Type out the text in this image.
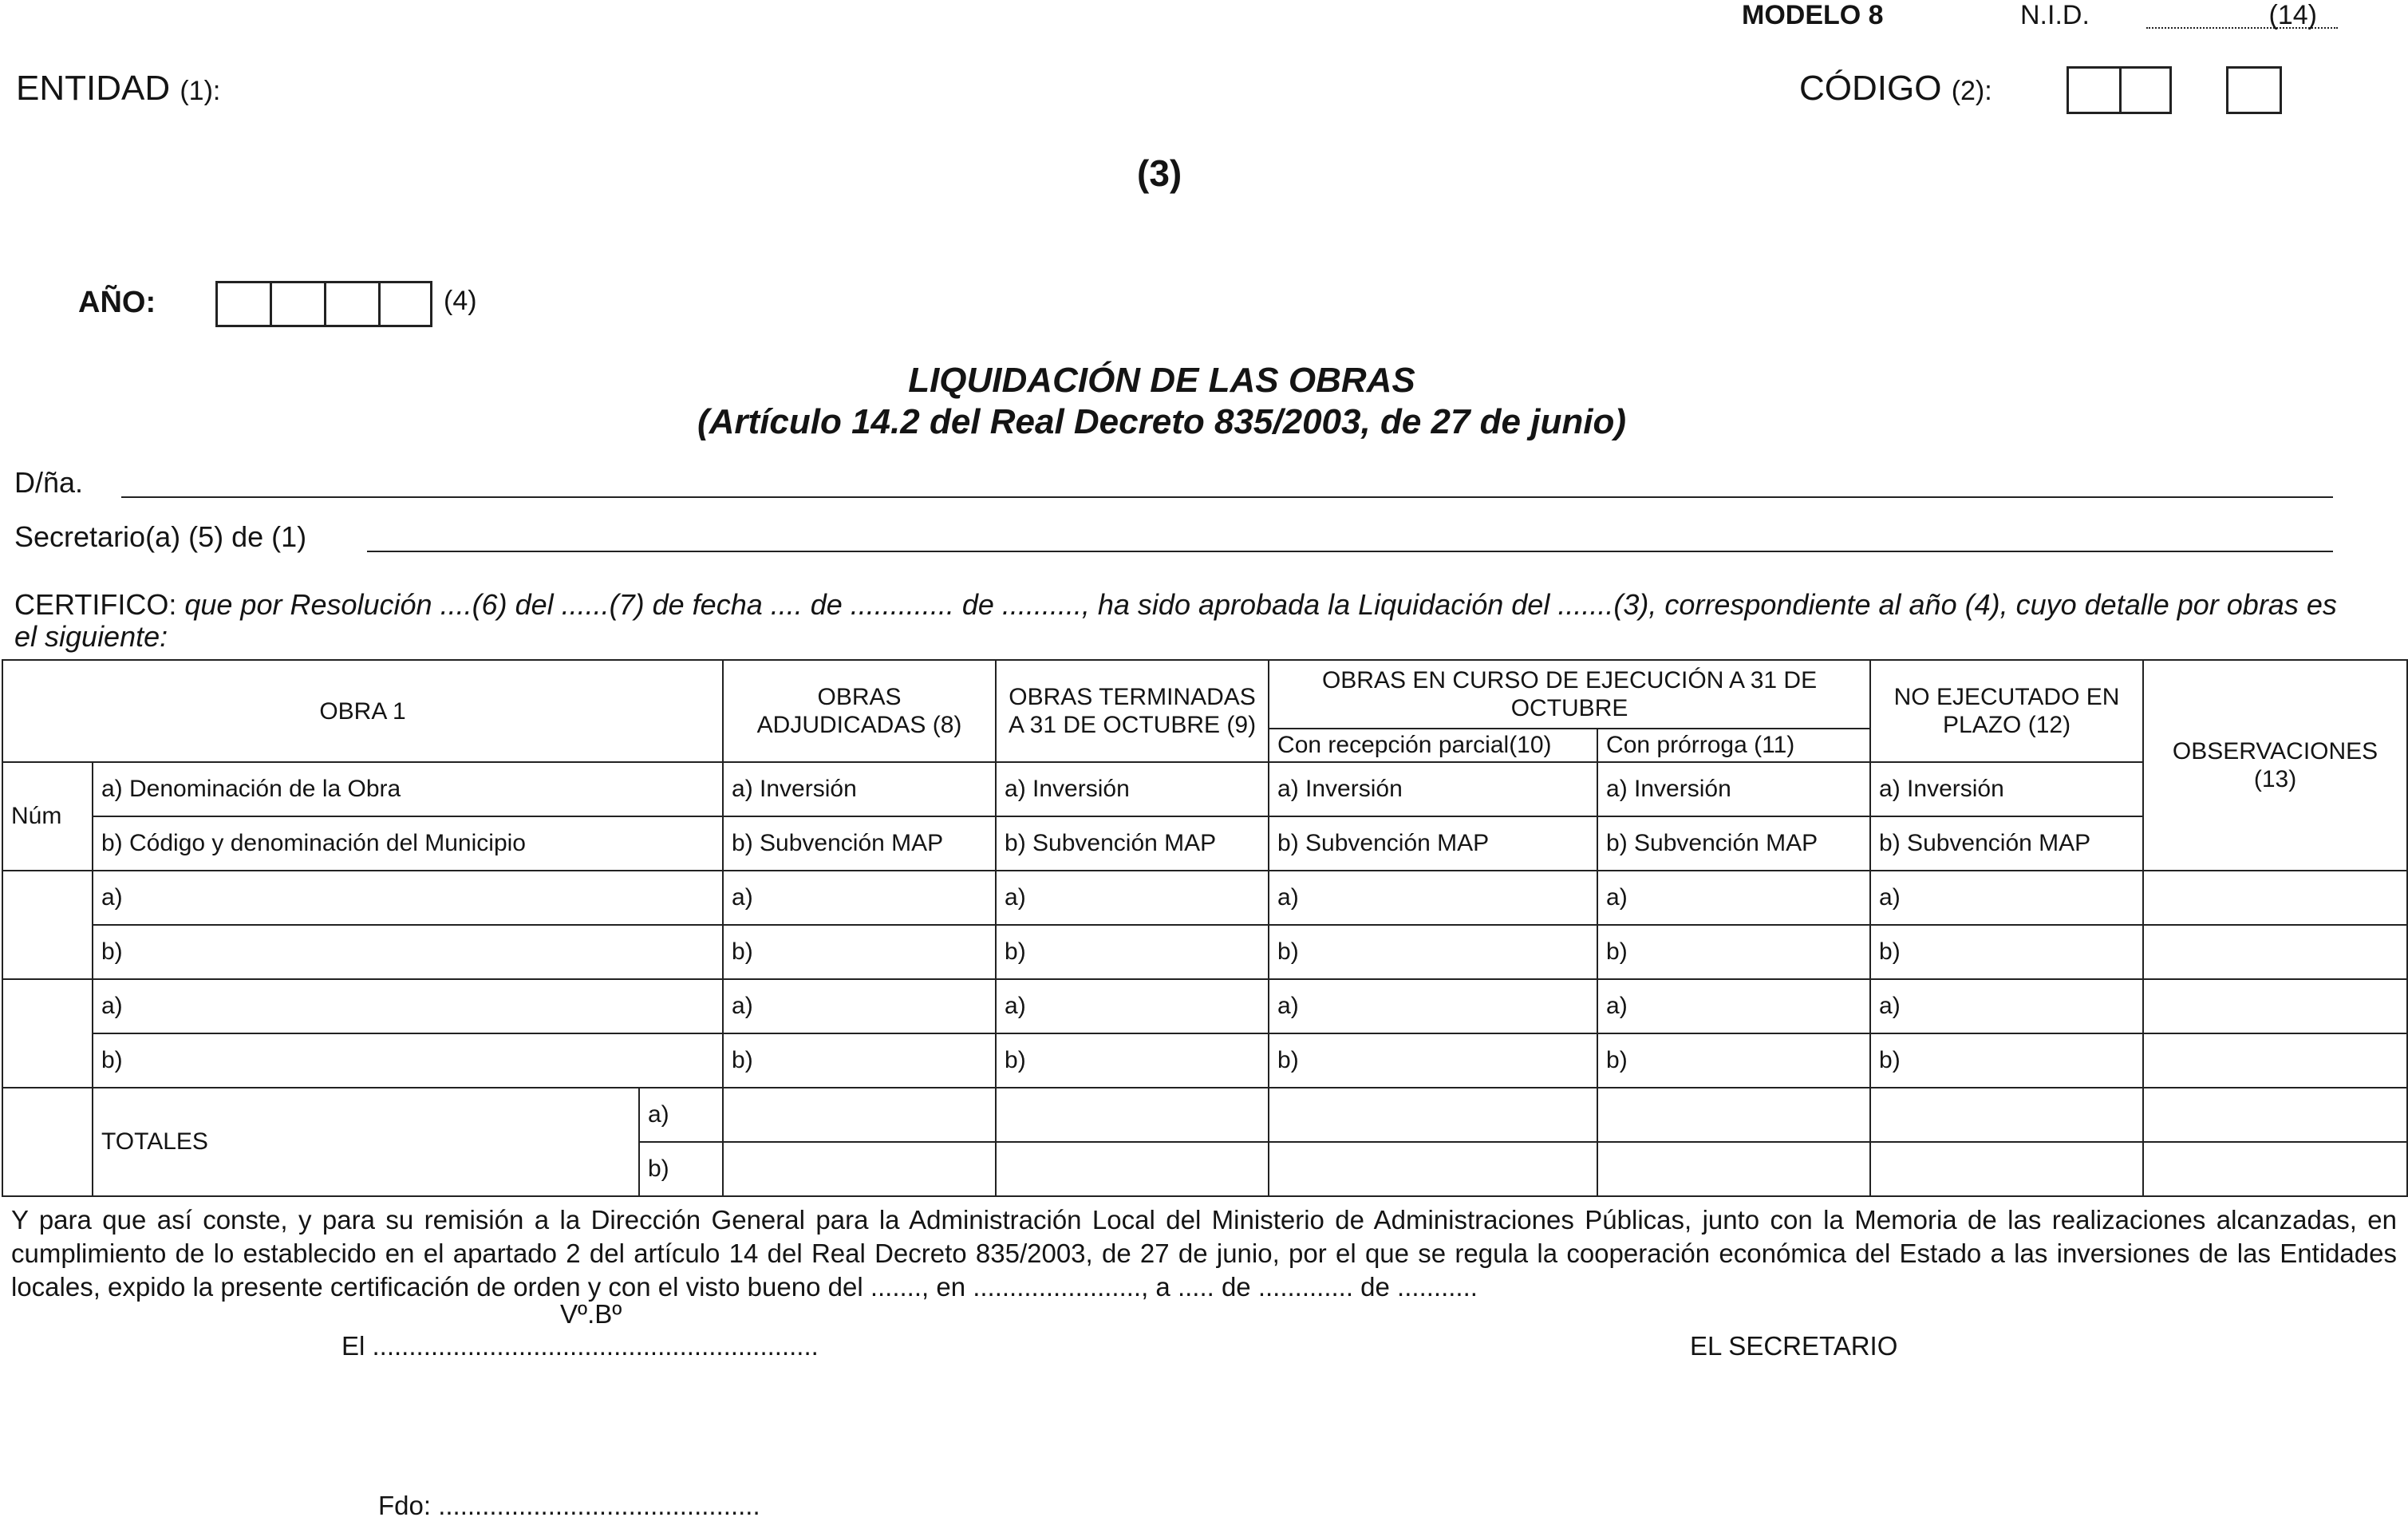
MODELO 8	N.I.D.	(14)
ENTIDAD (1):	CÓDIGO (2):
(3)
AÑO:	(4)
LIQUIDACIÓN DE LAS OBRAS
(Artículo 14.2 del Real Decreto 835/2003, de 27 de junio)
D/ña.
Secretario(a) (5) de (1)
CERTIFICO: que por Resolución ....(6) del ......(7) de fecha .... de ............. de .........., ha sido aprobada la Liquidación del .......(3), correspondiente al año (4), cuyo detalle por obras es el siguiente:
OBRA 1			OBRAS ADJUDICADAS (8)	OBRAS TERMINADAS A 31 DE OCTUBRE (9)	OBRAS EN CURSO DE EJECUCIÓN A 31 DE OCTUBRE		NO EJECUTADO EN PLAZO (12)	OBSERVACIONES (13)
					Con recepción parcial(10)	Con prórroga (11)		
Núm	a) Denominación de la Obra		a) Inversión	a) Inversión	a) Inversión	a) Inversión	a) Inversión	
	b) Código y denominación del Municipio		b) Subvención MAP	b) Subvención MAP	b) Subvención MAP	b) Subvención MAP	b) Subvención MAP	
	a)		a)	a)	a)	a)	a)	
	b)		b)	b)	b)	b)	b)	
	a)		a)	a)	a)	a)	a)	
	b)		b)	b)	b)	b)	b)	
	TOTALES	a)						
		b)						
Y para que así conste, y para su remisión a la Dirección General para la Administración Local del Ministerio de Administraciones Públicas, junto con la Memoria de las realizaciones alcanzadas, en cumplimiento de lo establecido en el apartado 2 del artículo 14 del Real Decreto 835/2003, de 27 de junio, por el que se regula la cooperación económica del Estado a las inversiones de las Entidades locales, expido la presente certificación de orden y con el visto bueno del ......., en ......................., a ..... de ............. de ...........
Vº.Bº
El .............................................................	EL SECRETARIO
Fdo: ............................................
